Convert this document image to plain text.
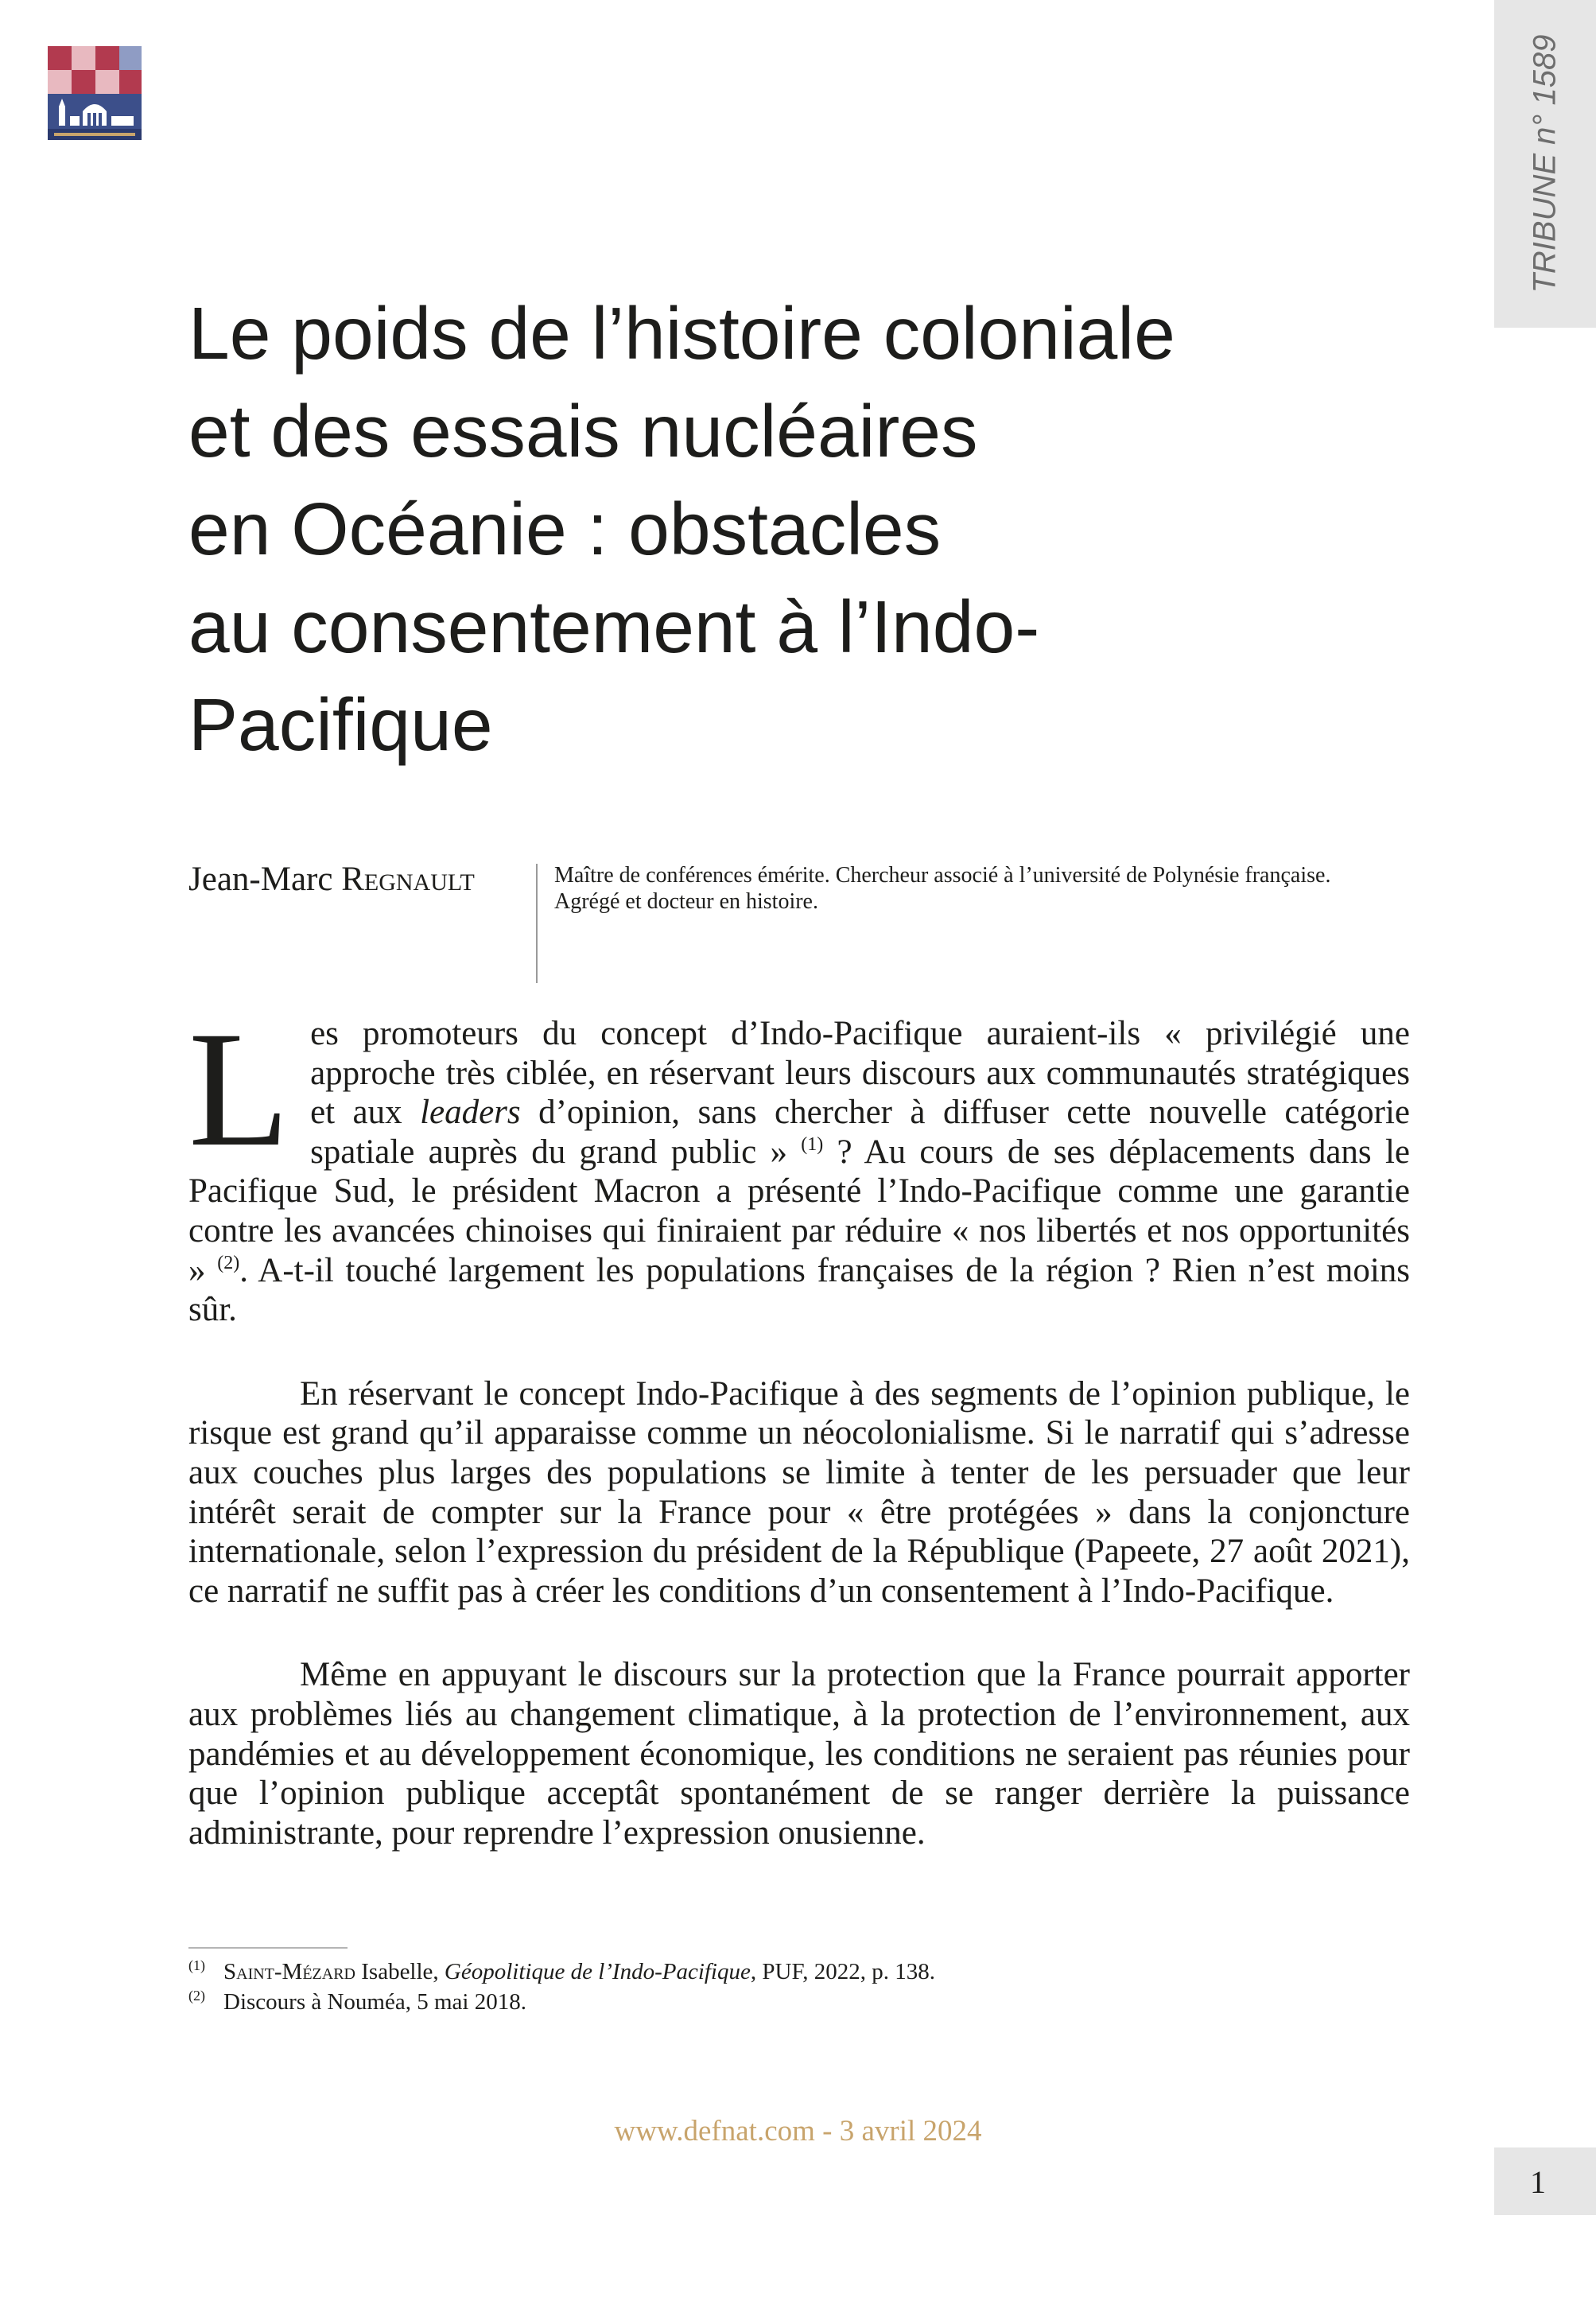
TRIBUNE n° 1589
Le poids de l’histoire coloniale
et des essais nucléaires
en Océanie : obstacles
au consentement à l’Indo-
Pacifique
Jean-Marc Regnault	Maître de conférences émérite. Chercheur associé à l’université de Polynésie française.
Agrégé et docteur en histoire.

Les promoteurs du concept d’Indo-Pacifique auraient-ils « privilégié une approche très ciblée, en réservant leurs discours aux communautés stratégiques et aux leaders d’opinion, sans chercher à diffuser cette nouvelle catégorie spatiale auprès du grand public » $^{(1)}$ ? Au cours de ses déplacements dans le Pacifique Sud, le président Macron a présenté l’Indo-Pacifique comme une garantie contre les avancées chinoises qui finiraient par réduire « nos libertés et nos opportunités » $^{(2)}$. A-t-il touché largement les populations françaises de la région ? Rien n’est moins sûr.

En réservant le concept Indo-Pacifique à des segments de l’opinion publique, le risque est grand qu’il apparaisse comme un néocolonialisme. Si le narratif qui s’adresse aux couches plus larges des populations se limite à tenter de les persuader que leur intérêt serait de compter sur la France pour « être protégées » dans la conjoncture internationale, selon l’expression du président de la République (Papeete, 27 août 2021), ce narratif ne suffit pas à créer les conditions d’un consentement à l’Indo-Pacifique.

Même en appuyant le discours sur la protection que la France pourrait apporter aux problèmes liés au changement climatique, à la protection de l’environnement, aux pandémies et au développement économique, les conditions ne seraient pas réunies pour que l’opinion publique acceptât spontanément de se ranger derrière la puissance administrante, pour reprendre l’expression onusienne.

(1) Saint-Mézard Isabelle, Géopolitique de l’Indo-Pacifique, PUF, 2022, p. 138.
(2) Discours à Nouméa, 5 mai 2018.
www.defnat.com - 3 avril 2024
1
